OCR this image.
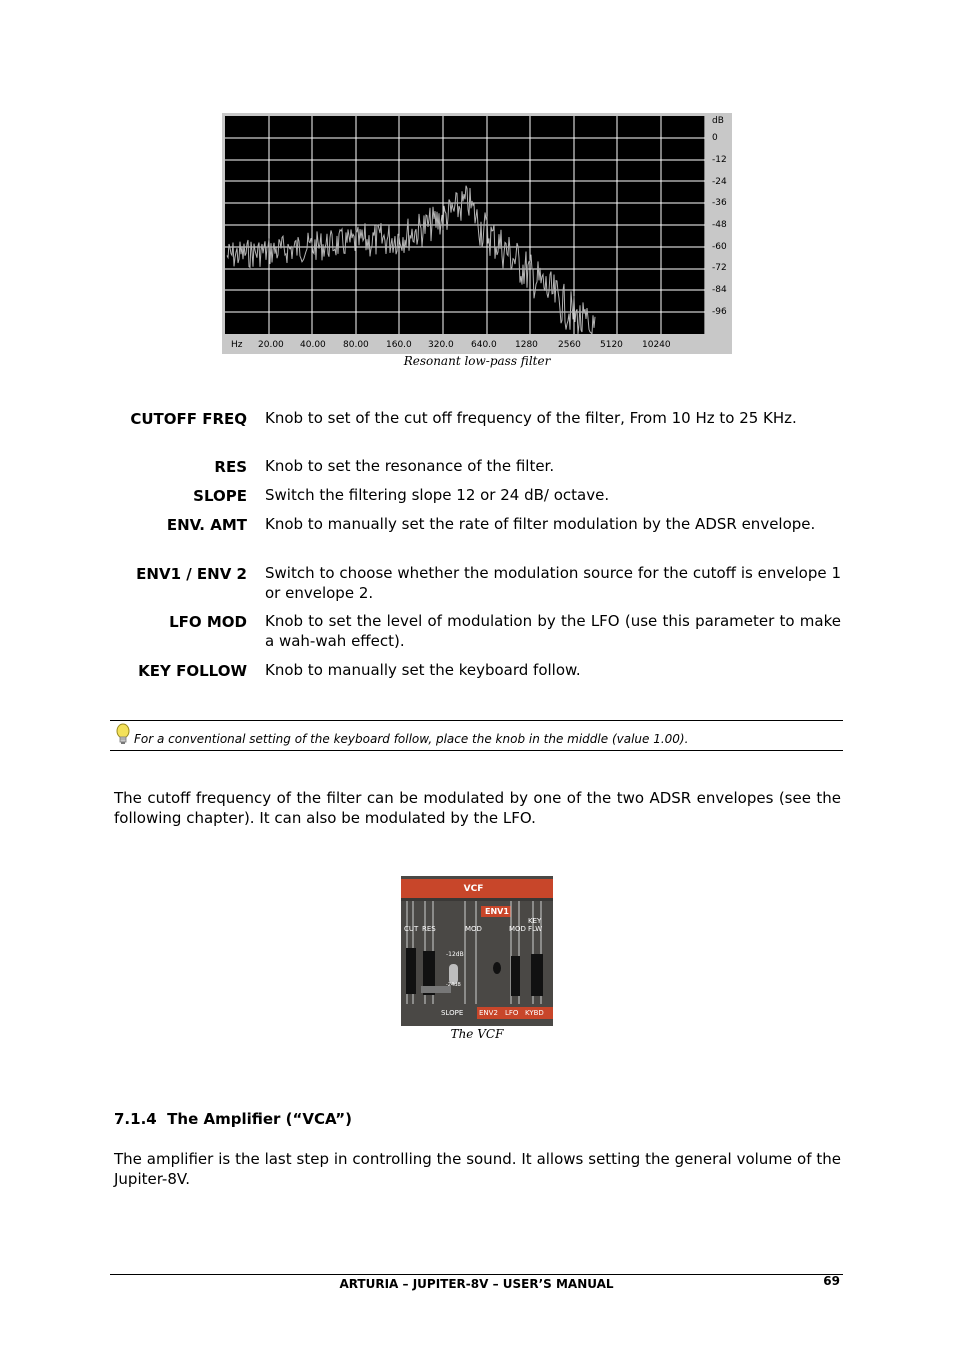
dB
0
-12
-24
-36
-48
-60
-72
-84
-96
Hz 20.00 40.00 80.00 160.0 320.0 640.0 1280 2560 5120 10240
Resonant low-pass filter
CUTOFF FREQ Knob to set of the cut off frequency of the filter, From 10 Hz to 25 KHz.
RES Knob to set the resonance of the filter.
SLOPE Switch the filtering slope 12 or 24 dB/ octave.
ENV. AMT Knob to manually set the rate of filter modulation by the ADSR envelope.
ENV1 / ENV 2 Switch to choose whether the modulation source for the cutoff is envelope 1 or envelope 2.
LFO MOD Knob to set the level of modulation by the LFO (use this parameter to make a wah-wah effect).
KEY FOLLOW Knob to manually set the keyboard follow.
For a conventional setting of the keyboard follow, place the knob in the middle (value 1.00).
The cutoff frequency of the filter can be modulated by one of the two ADSR envelopes (see the following chapter). It can also be modulated by the LFO.
VCF
ENV1
CUT RES	MOD	MOD
KEY
FLW
-12dB
-24dB
SLOPE ENV2 LFO KYBD
The VCF
7.1.4 The Amplifier (“VCA”)
The amplifier is the last step in controlling the sound. It allows setting the general volume of the Jupiter-8V.
ARTURIA – JUPITER-8V – USER’S MANUAL	69
